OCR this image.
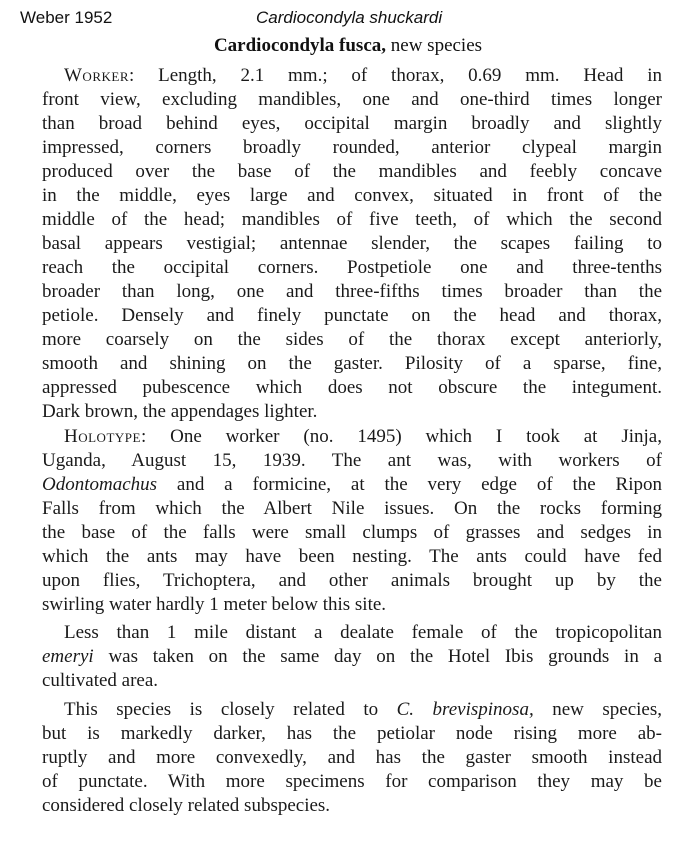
Weber 1952	Cardiocondyla shuckardi
Cardiocondyla fusca, new species
Worker: Length, 2.1 mm.; of thorax, 0.69 mm. Head in
front view, excluding mandibles, one and one-third times longer
than broad behind eyes, occipital margin broadly and slightly
impressed, corners broadly rounded, anterior clypeal margin
produced over the base of the mandibles and feebly concave
in the middle, eyes large and convex, situated in front of the
middle of the head; mandibles of five teeth, of which the second
basal appears vestigial; antennae slender, the scapes failing to
reach the occipital corners. Postpetiole one and three-tenths
broader than long, one and three-fifths times broader than the
petiole. Densely and finely punctate on the head and thorax,
more coarsely on the sides of the thorax except anteriorly,
smooth and shining on the gaster. Pilosity of a sparse, fine,
appressed pubescence which does not obscure the integument.
Dark brown, the appendages lighter.
Holotype: One worker (no. 1495) which I took at Jinja,
Uganda, August 15, 1939. The ant was, with workers of
Odontomachus and a formicine, at the very edge of the Ripon
Falls from which the Albert Nile issues. On the rocks forming
the base of the falls were small clumps of grasses and sedges in
which the ants may have been nesting. The ants could have fed
upon flies, Trichoptera, and other animals brought up by the
swirling water hardly 1 meter below this site.
Less than 1 mile distant a dealate female of the tropicopolitan
emeryi was taken on the same day on the Hotel Ibis grounds in a
cultivated area.
This species is closely related to C. brevispinosa, new species,
but is markedly darker, has the petiolar node rising more ab-
ruptly and more convexedly, and has the gaster smooth instead
of punctate. With more specimens for comparison they may be
considered closely related subspecies.
